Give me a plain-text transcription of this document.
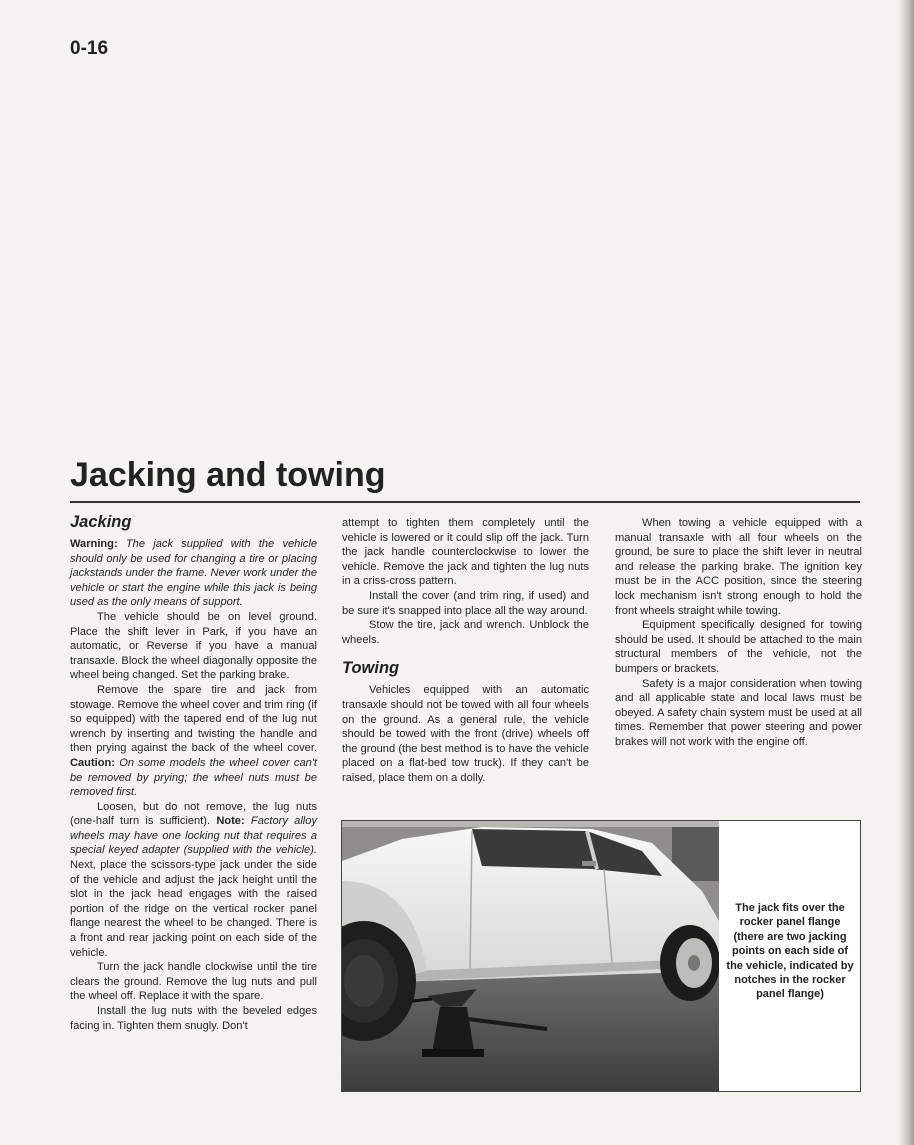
0-16
Jacking and towing
Jacking

Warning: The jack supplied with the vehicle should only be used for changing a tire or placing jackstands under the frame. Never work under the vehicle or start the engine while this jack is being used as the only means of support.

The vehicle should be on level ground. Place the shift lever in Park, if you have an automatic, or Reverse if you have a manual transaxle. Block the wheel diagonally opposite the wheel being changed. Set the parking brake.

Remove the spare tire and jack from stowage. Remove the wheel cover and trim ring (if so equipped) with the tapered end of the lug nut wrench by inserting and twisting the handle and then prying against the back of the wheel cover. Caution: On some models the wheel cover can't be removed by prying; the wheel nuts must be removed first.

Loosen, but do not remove, the lug nuts (one-half turn is sufficient). Note: Factory alloy wheels may have one locking nut that requires a special keyed adapter (supplied with the vehicle). Next, place the scissors-type jack under the side of the vehicle and adjust the jack height until the slot in the jack head engages with the raised portion of the ridge on the vertical rocker panel flange nearest the wheel to be changed. There is a front and rear jacking point on each side of the vehicle.

Turn the jack handle clockwise until the tire clears the ground. Remove the lug nuts and pull the wheel off. Replace it with the spare.

Install the lug nuts with the beveled edges facing in. Tighten them snugly. Don't

attempt to tighten them completely until the vehicle is lowered or it could slip off the jack. Turn the jack handle counterclockwise to lower the vehicle. Remove the jack and tighten the lug nuts in a criss-cross pattern.

Install the cover (and trim ring, if used) and be sure it's snapped into place all the way around.

Stow the tire, jack and wrench. Unblock the wheels.

Towing

Vehicles equipped with an automatic transaxle should not be towed with all four wheels on the ground. As a general rule, the vehicle should be towed with the front (drive) wheels off the ground (the best method is to have the vehicle placed on a flat-bed tow truck). If they can't be raised, place them on a dolly.

When towing a vehicle equipped with a manual transaxle with all four wheels on the ground, be sure to place the shift lever in neutral and release the parking brake. The ignition key must be in the ACC position, since the steering lock mechanism isn't strong enough to hold the front wheels straight while towing.

Equipment specifically designed for towing should be used. It should be attached to the main structural members of the vehicle, not the bumpers or brackets.

Safety is a major consideration when towing and all applicable state and local laws must be obeyed. A safety chain system must be used at all times. Remember that power steering and power brakes will not work with the engine off.

The jack fits over the rocker panel flange (there are two jacking points on each side of the vehicle, indicated by notches in the rocker panel flange)
